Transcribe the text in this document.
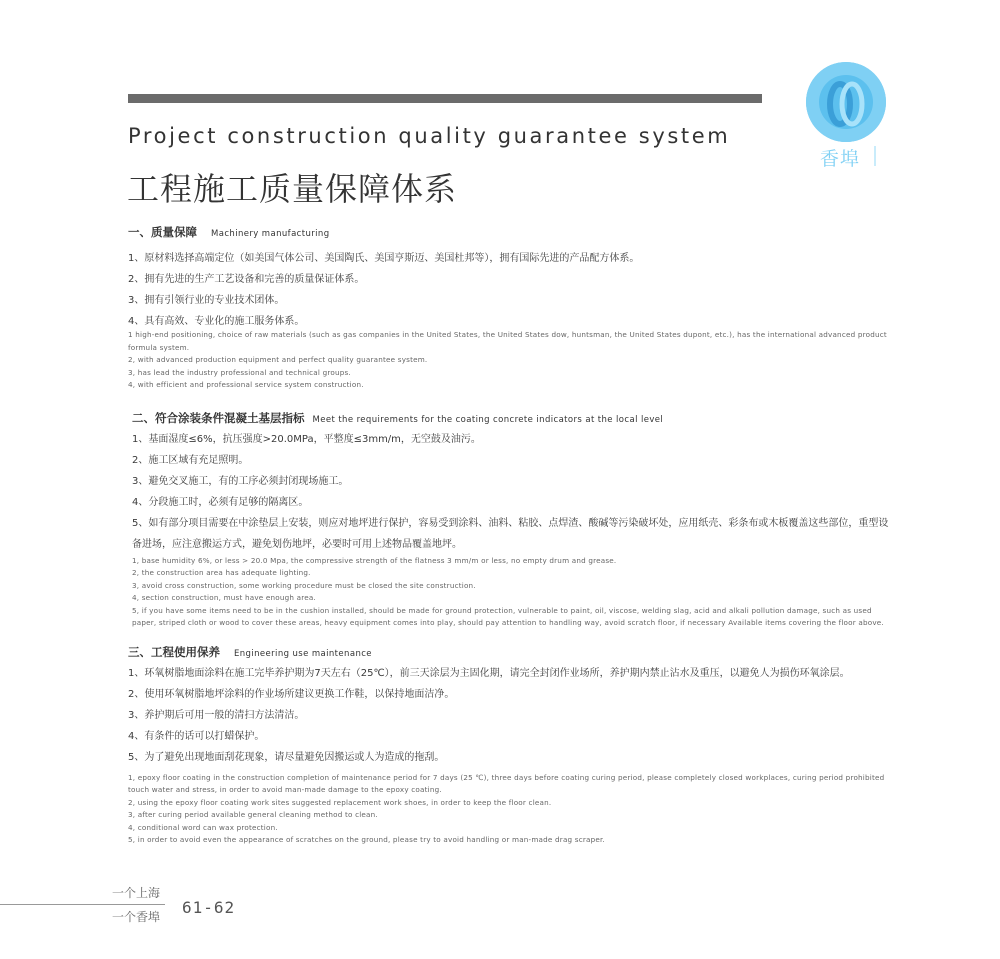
香埠
Project construction quality guarantee system
工程施工质量保障体系

一、质量保障 Machinery manufacturing

1、原材料选择高端定位（如美国气体公司、美国陶氏、美国亨斯迈、美国杜邦等），拥有国际先进的产品配方体系。

2、拥有先进的生产工艺设备和完善的质量保证体系。

3、拥有引领行业的专业技术团体。

4、具有高效、专业化的施工服务体系。

1 high-end positioning, choice of raw materials (such as gas companies in the United States, the United States dow, huntsman, the United States dupont, etc.), has the international advanced product formula system.

2, with advanced production equipment and perfect quality guarantee system.

3, has lead the industry professional and technical groups.

4, with efficient and professional service system construction.

二、符合涂装条件混凝土基层指标 Meet the requirements for the coating concrete indicators at the local level

1、基面湿度≤6%，抗压强度>20.0MPa，平整度≤3mm/m，无空鼓及油污。

2、施工区域有充足照明。

3、避免交叉施工，有的工序必须封闭现场施工。

4、分段施工时，必须有足够的隔离区。

5、如有部分项目需要在中涂垫层上安装，则应对地坪进行保护，容易受到涂料、油料、粘胶、点焊渣、酸碱等污染破坏处，应用纸壳、彩条布或木板覆盖这些部位，重型设备进场，应注意搬运方式，避免划伤地坪，必要时可用上述物品覆盖地坪。

1, base humidity 6%, or less > 20.0 Mpa, the compressive strength of the flatness 3 mm/m or less, no empty drum and grease.

2, the construction area has adequate lighting.

3, avoid cross construction, some working procedure must be closed the site construction.

4, section construction, must have enough area.

5, if you have some items need to be in the cushion installed, should be made for ground protection, vulnerable to paint, oil, viscose, welding slag, acid and alkali pollution damage, such as used paper, striped cloth or wood to cover these areas, heavy equipment comes into play, should pay attention to handling way, avoid scratch floor, if necessary Available items covering the floor above.

三、工程使用保养 Engineering use maintenance

1、环氧树脂地面涂料在施工完毕养护期为7天左右（25℃），前三天涂层为主固化期，请完全封闭作业场所，养护期内禁止沾水及重压，以避免人为损伤环氧涂层。

2、使用环氧树脂地坪涂料的作业场所建议更换工作鞋，以保持地面洁净。

3、养护期后可用一般的清扫方法清洁。

4、有条件的话可以打蜡保护。

5、为了避免出现地面刮花现象，请尽量避免因搬运或人为造成的拖刮。

1, epoxy floor coating in the construction completion of maintenance period for 7 days (25 ℃), three days before coating curing period, please completely closed workplaces, curing period prohibited touch water and stress, in order to avoid man-made damage to the epoxy coating.

2, using the epoxy floor coating work sites suggested replacement work shoes, in order to keep the floor clean.

3, after curing period available general cleaning method to clean.

4, conditional word can wax protection.

5, in order to avoid even the appearance of scratches on the ground, please try to avoid handling or man-made drag scraper.

一个上海
一个香埠 61-62
